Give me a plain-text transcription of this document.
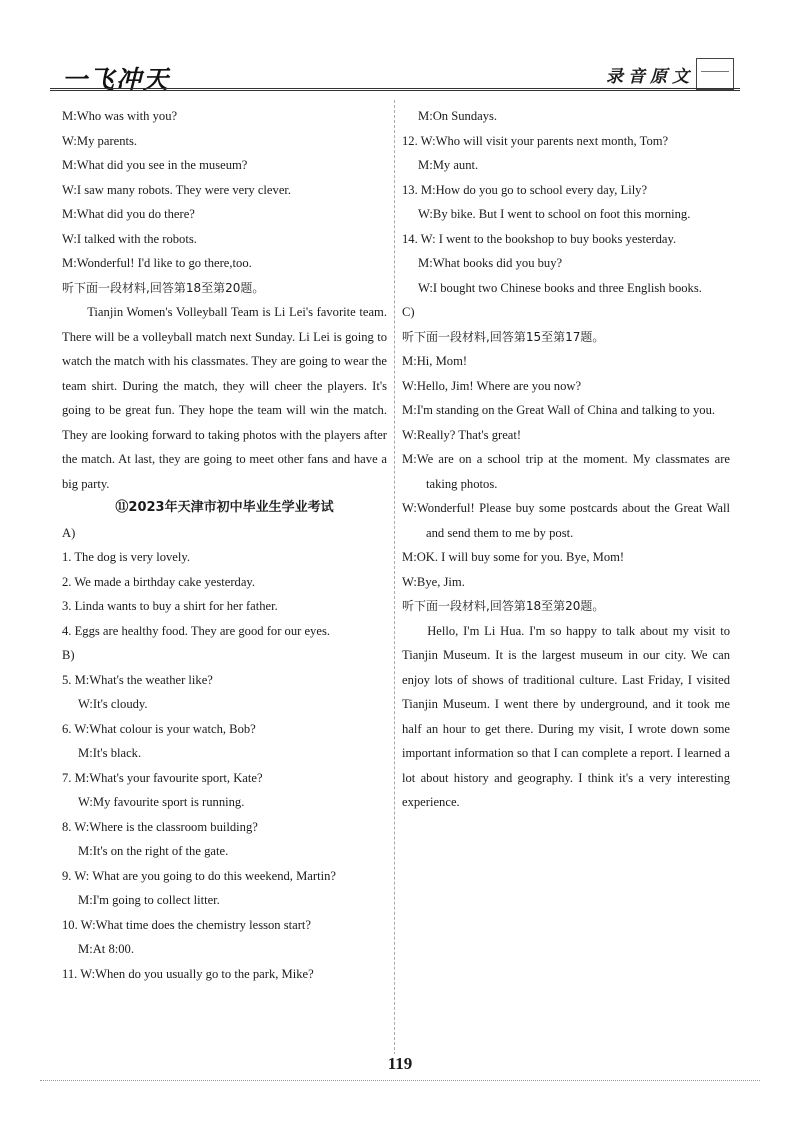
一飞冲天	录音原文

M:Who was with you?

W:My parents.

M:What did you see in the museum?

W:I saw many robots. They were very clever.

M:What did you do there?

W:I talked with the robots.

M:Wonderful! I'd like to go there,too.

听下面一段材料,回答第18至第20题。

Tianjin Women's Volleyball Team is Li Lei's favorite team. There will be a volleyball match next Sunday. Li Lei is going to watch the match with his classmates. They are going to wear the team shirt. During the match, they will cheer the players. It's going to be great fun. They hope the team will win the match. They are looking forward to taking photos with the players after the match. At last, they are going to meet other fans and have a big party.

⑪2023年天津市初中毕业生学业考试

A)

1. The dog is very lovely.

2. We made a birthday cake yesterday.

3. Linda wants to buy a shirt for her father.

4. Eggs are healthy food. They are good for our eyes.

B)

5. M:What's the weather like?

W:It's cloudy.

6. W:What colour is your watch, Bob?

M:It's black.

7. M:What's your favourite sport, Kate?

W:My favourite sport is running.

8. W:Where is the classroom building?

M:It's on the right of the gate.

9. W: What are you going to do this weekend, Martin?

M:I'm going to collect litter.

10. W:What time does the chemistry lesson start?

M:At 8:00.

11. W:When do you usually go to the park, Mike?

M:On Sundays.

12. W:Who will visit your parents next month, Tom?

M:My aunt.

13. M:How do you go to school every day, Lily?

W:By bike. But I went to school on foot this morning.

14. W: I went to the bookshop to buy books yesterday.

M:What books did you buy?

W:I bought two Chinese books and three English books.

C)

听下面一段材料,回答第15至第17题。

M:Hi, Mom!

W:Hello, Jim! Where are you now?

M:I'm standing on the Great Wall of China and talking to you.

W:Really? That's great!

M:We are on a school trip at the moment. My classmates are taking photos.

W:Wonderful! Please buy some postcards about the Great Wall and send them to me by post.

M:OK. I will buy some for you. Bye, Mom!

W:Bye, Jim.

听下面一段材料,回答第18至第20题。

Hello, I'm Li Hua. I'm so happy to talk about my visit to Tianjin Museum. It is the largest museum in our city. We can enjoy lots of shows of traditional culture. Last Friday, I visited Tianjin Museum. I went there by underground, and it took me half an hour to get there. During my visit, I wrote down some important information so that I can complete a report. I learned a lot about history and geography. I think it's a very interesting experience.

119
